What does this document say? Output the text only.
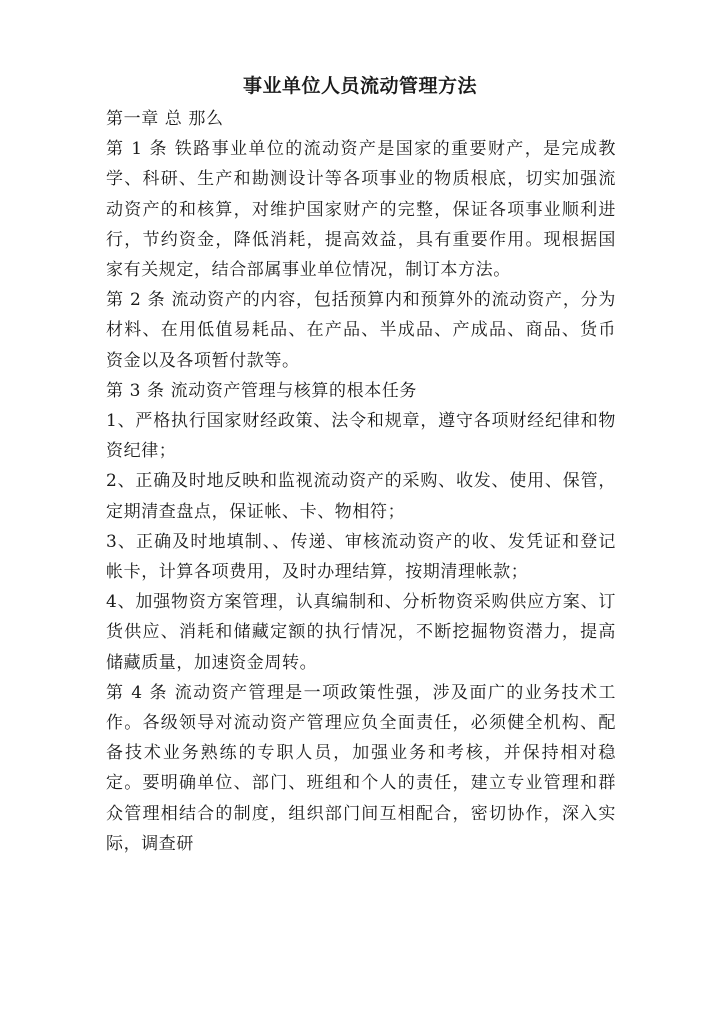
事业单位人员流动管理方法

第一章 总 那么

第 1 条 铁路事业单位的流动资产是国家的重要财产，是完成教学、科研、生产和勘测设计等各项事业的物质根底，切实加强流动资产的和核算，对维护国家财产的完整，保证各项事业顺利进行，节约资金，降低消耗，提高效益，具有重要作用。现根据国家有关规定，结合部属事业单位情况，制订本方法。

第 2 条 流动资产的内容，包括预算内和预算外的流动资产，分为材料、在用低值易耗品、在产品、半成品、产成品、商品、货币资金以及各项暂付款等。

第 3 条 流动资产管理与核算的根本任务

1、严格执行国家财经政策、法令和规章，遵守各项财经纪律和物资纪律；

2、正确及时地反映和监视流动资产的采购、收发、使用、保管，定期清查盘点，保证帐、卡、物相符；

3、正确及时地填制、、传递、审核流动资产的收、发凭证和登记帐卡，计算各项费用，及时办理结算，按期清理帐款；

4、加强物资方案管理，认真编制和、分析物资采购供应方案、订货供应、消耗和储藏定额的执行情况，不断挖掘物资潜力，提高储藏质量，加速资金周转。

第 4 条 流动资产管理是一项政策性强，涉及面广的业务技术工作。各级领导对流动资产管理应负全面责任，必须健全机构、配备技术业务熟练的专职人员，加强业务和考核，并保持相对稳定。要明确单位、部门、班组和个人的责任，建立专业管理和群众管理相结合的制度，组织部门间互相配合，密切协作，深入实际，调查研
